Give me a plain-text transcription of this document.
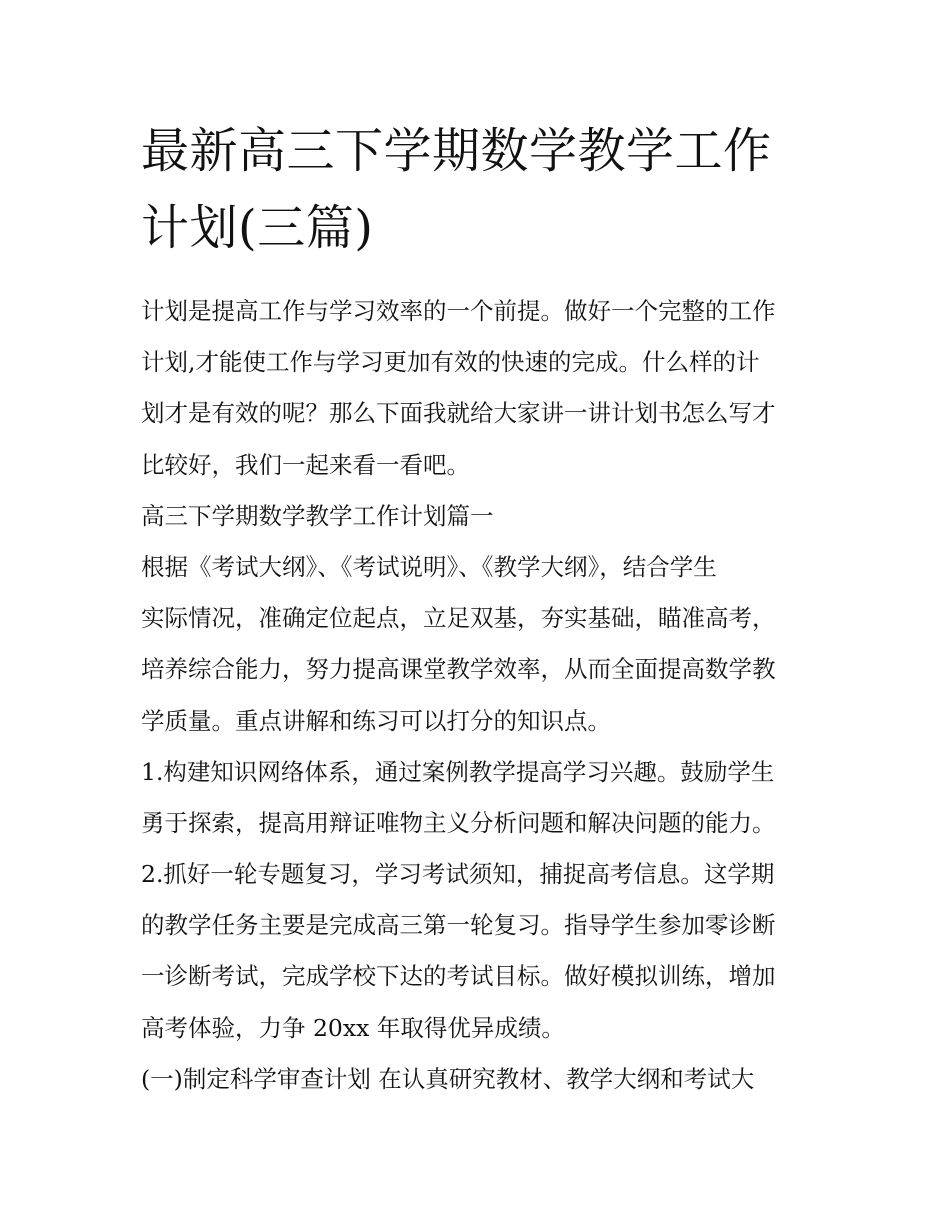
最新高三下学期数学教学工作
计划(三篇)
计划是提高工作与学习效率的一个前提。做好一个完整的工作
计划,才能使工作与学习更加有效的快速的完成。什么样的计
划才是有效的呢？那么下面我就给大家讲一讲计划书怎么写才
比较好，我们一起来看一看吧。
高三下学期数学教学工作计划篇一
根据《考试大纲》、《考试说明》、《教学大纲》，结合学生
实际情况，准确定位起点，立足双基，夯实基础，瞄准高考，
培养综合能力，努力提高课堂教学效率，从而全面提高数学教
学质量。重点讲解和练习可以打分的知识点。
1.构建知识网络体系，通过案例教学提高学习兴趣。鼓励学生
勇于探索，提高用辩证唯物主义分析问题和解决问题的能力。
2.抓好一轮专题复习，学习考试须知，捕捉高考信息。这学期
的教学任务主要是完成高三第一轮复习。指导学生参加零诊断
一诊断考试，完成学校下达的考试目标。做好模拟训练，增加
高考体验，力争 20xx 年取得优异成绩。
(一)制定科学审查计划 在认真研究教材、教学大纲和考试大
